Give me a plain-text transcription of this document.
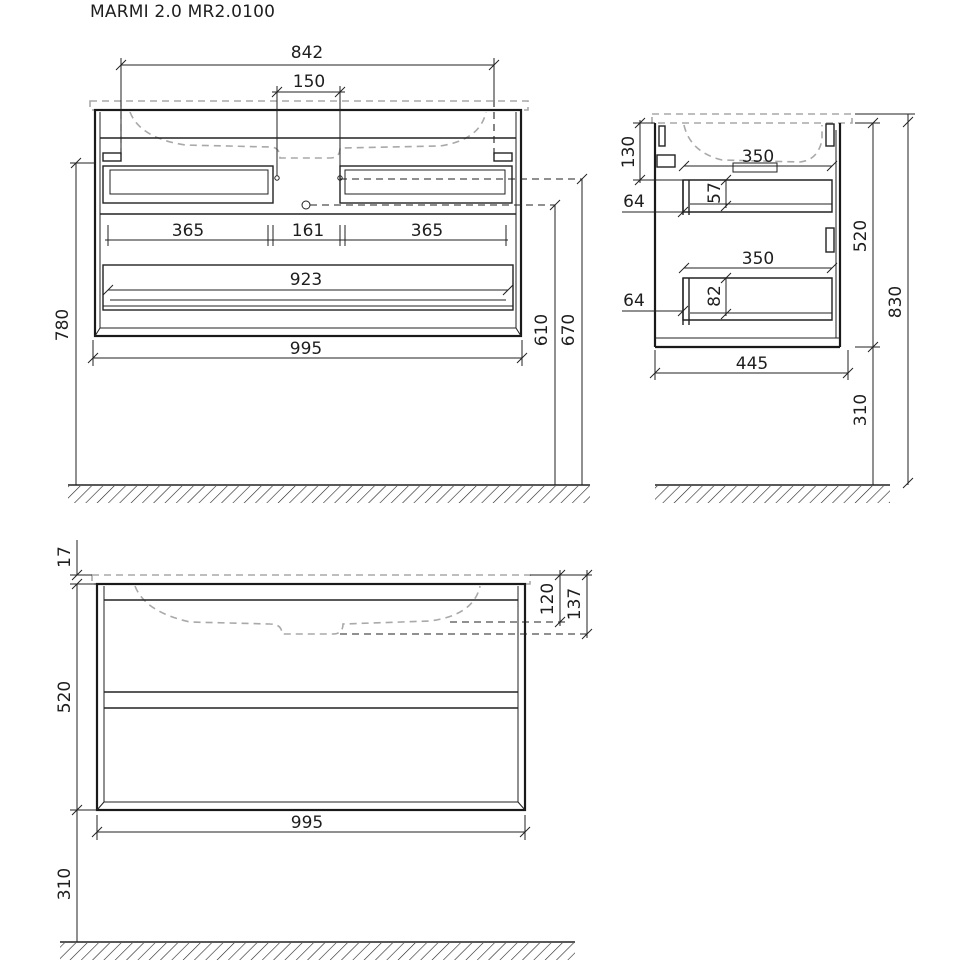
MARMI 2.0 MR2.0100
842
150
365	161	365
923
995
780	610 670
130	350
57
64
350
82
64
520
310
830
445
17
520
310
120 137
995
